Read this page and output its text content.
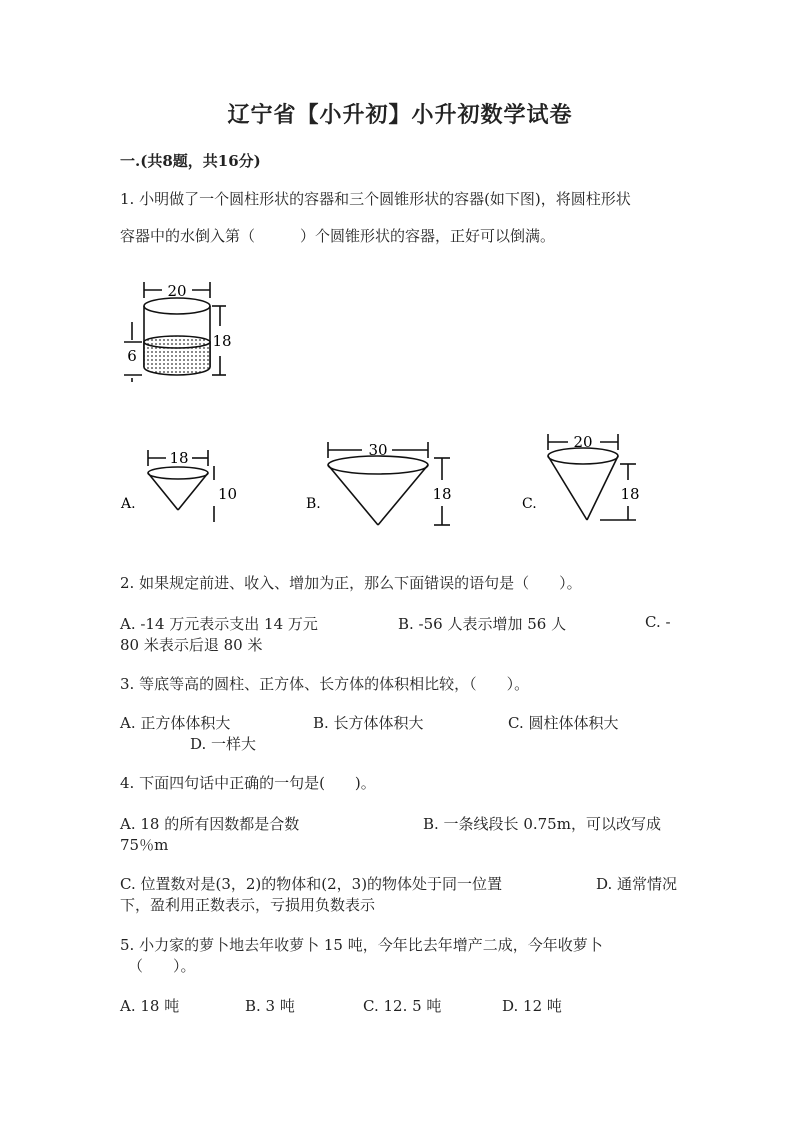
辽宁省【小升初】小升初数学试卷
一.(共8题，共16分)
1. 小明做了一个圆柱形状的容器和三个圆锥形状的容器(如下图)，将圆柱形状
容器中的水倒入第（　　　）个圆锥形状的容器，正好可以倒满。
20
18
6
A.
18
10
B.
30
18
C.
20
18
2. 如果规定前进、收入、增加为正，那么下面错误的语句是（　　）。
A. -14 万元表示支出 14 万元	B. -56 人表示增加 56 人	C. -
80 米表示后退 80 米
3. 等底等高的圆柱、正方体、长方体的体积相比较，（　　）。
A. 正方体体积大	B. 长方体体积大	C. 圆柱体体积大
D. 一样大
4. 下面四句话中正确的一句是(　　)。
A. 18 的所有因数都是合数	B. 一条线段长 0.75m，可以改写成
75％m
C. 位置数对是(3，2)的物体和(2，3)的物体处于同一位置	D. 通常情况
下，盈利用正数表示，亏损用负数表示
5. 小力家的萝卜地去年收萝卜 15 吨，今年比去年增产二成，今年收萝卜
（　　）。
A. 18 吨	B. 3 吨	C. 12. 5 吨	D. 12 吨
